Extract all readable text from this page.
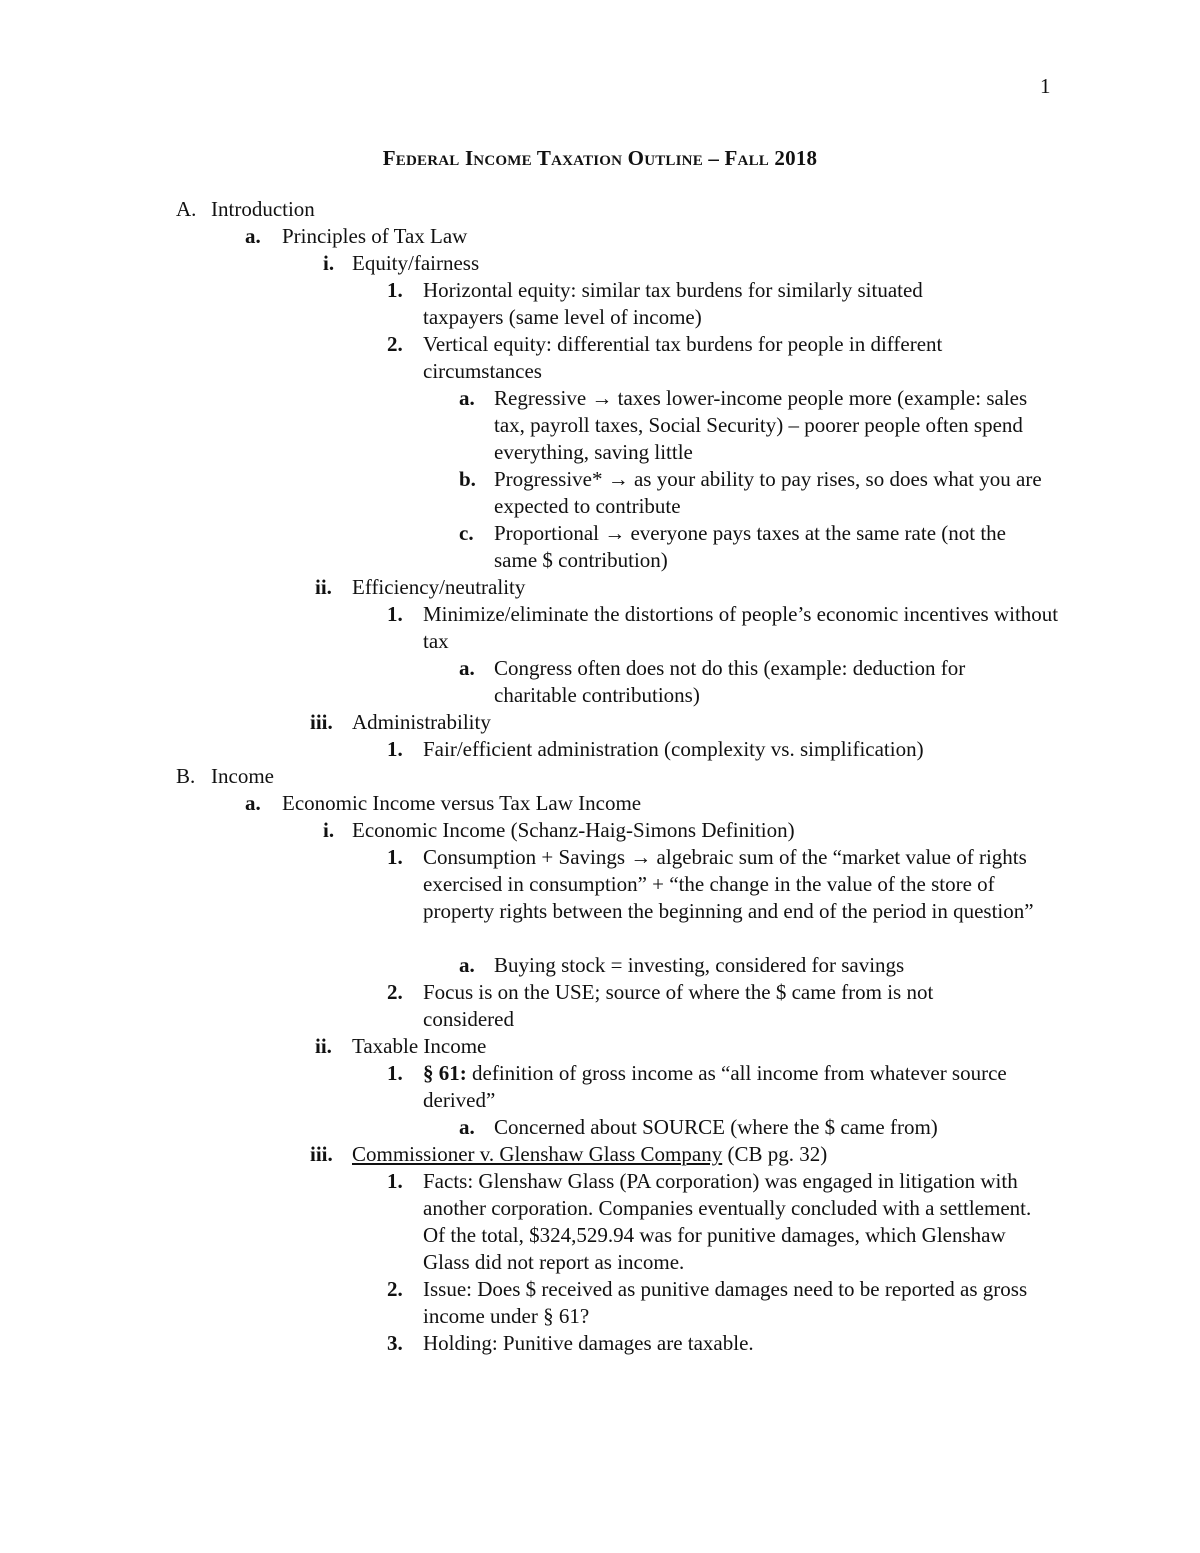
1
Federal Income Taxation Outline – Fall 2018
A. Introduction
a. Principles of Tax Law
i. Equity/fairness
1. Horizontal equity: similar tax burdens for similarly situated taxpayers (same level of income)
2. Vertical equity: differential tax burdens for people in different circumstances
a. Regressive → taxes lower-income people more (example: sales tax, payroll taxes, Social Security) – poorer people often spend everything, saving little
b. Progressive* → as your ability to pay rises, so does what you are expected to contribute
c. Proportional → everyone pays taxes at the same rate (not the same $ contribution)
ii. Efficiency/neutrality
1. Minimize/eliminate the distortions of people’s economic incentives without tax
a. Congress often does not do this (example: deduction for charitable contributions)
iii. Administrability
1. Fair/efficient administration (complexity vs. simplification)
B. Income
a. Economic Income versus Tax Law Income
i. Economic Income (Schanz-Haig-Simons Definition)
1. Consumption + Savings → algebraic sum of the “market value of rights exercised in consumption” + “the change in the value of the store of property rights between the beginning and end of the period in question”
a. Buying stock = investing, considered for savings
2. Focus is on the USE; source of where the $ came from is not considered
ii. Taxable Income
1. § 61: definition of gross income as “all income from whatever source derived”
a. Concerned about SOURCE (where the $ came from)
iii. Commissioner v. Glenshaw Glass Company (CB pg. 32)
1. Facts: Glenshaw Glass (PA corporation) was engaged in litigation with another corporation. Companies eventually concluded with a settlement. Of the total, $324,529.94 was for punitive damages, which Glenshaw Glass did not report as income.
2. Issue: Does $ received as punitive damages need to be reported as gross income under § 61?
3. Holding: Punitive damages are taxable.
